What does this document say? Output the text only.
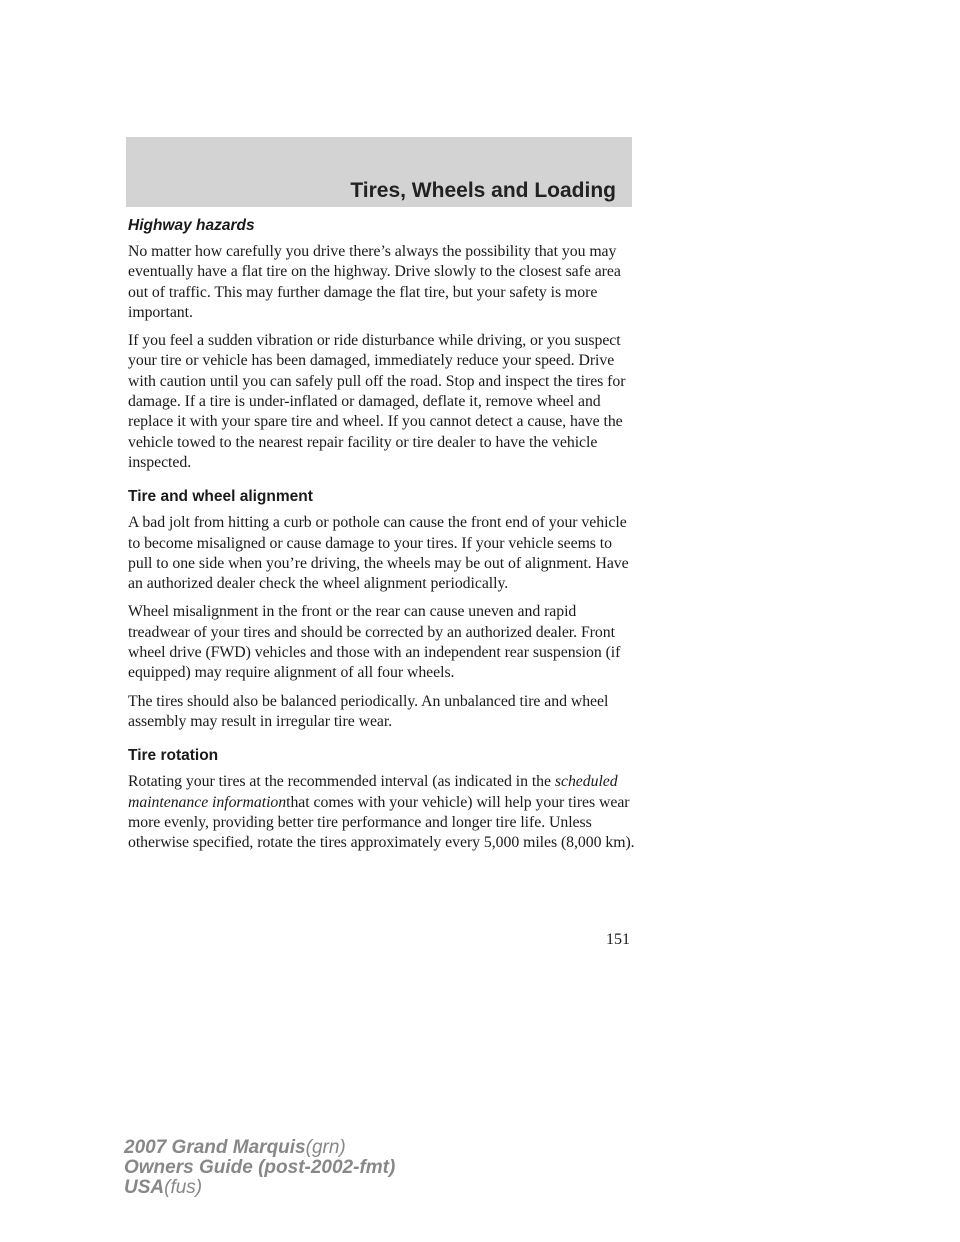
Tires, Wheels and Loading
Highway hazards

No matter how carefully you drive there’s always the possibility that you may eventually have a flat tire on the highway. Drive slowly to the closest safe area out of traffic. This may further damage the flat tire, but your safety is more important.

If you feel a sudden vibration or ride disturbance while driving, or you suspect your tire or vehicle has been damaged, immediately reduce your speed. Drive with caution until you can safely pull off the road. Stop and inspect the tires for damage. If a tire is under-inflated or damaged, deflate it, remove wheel and replace it with your spare tire and wheel. If you cannot detect a cause, have the vehicle towed to the nearest repair facility or tire dealer to have the vehicle inspected.

Tire and wheel alignment

A bad jolt from hitting a curb or pothole can cause the front end of your vehicle to become misaligned or cause damage to your tires. If your vehicle seems to pull to one side when you’re driving, the wheels may be out of alignment. Have an authorized dealer check the wheel alignment periodically.

Wheel misalignment in the front or the rear can cause uneven and rapid treadwear of your tires and should be corrected by an authorized dealer. Front wheel drive (FWD) vehicles and those with an independent rear suspension (if equipped) may require alignment of all four wheels.

The tires should also be balanced periodically. An unbalanced tire and wheel assembly may result in irregular tire wear.

Tire rotation

Rotating your tires at the recommended interval (as indicated in the scheduled maintenance informationthat comes with your vehicle) will help your tires wear more evenly, providing better tire performance and longer tire life. Unless otherwise specified, rotate the tires approximately every 5,000 miles (8,000 km).

151
2007 Grand Marquis(grn)
Owners Guide (post-2002-fmt)
USA(fus)
